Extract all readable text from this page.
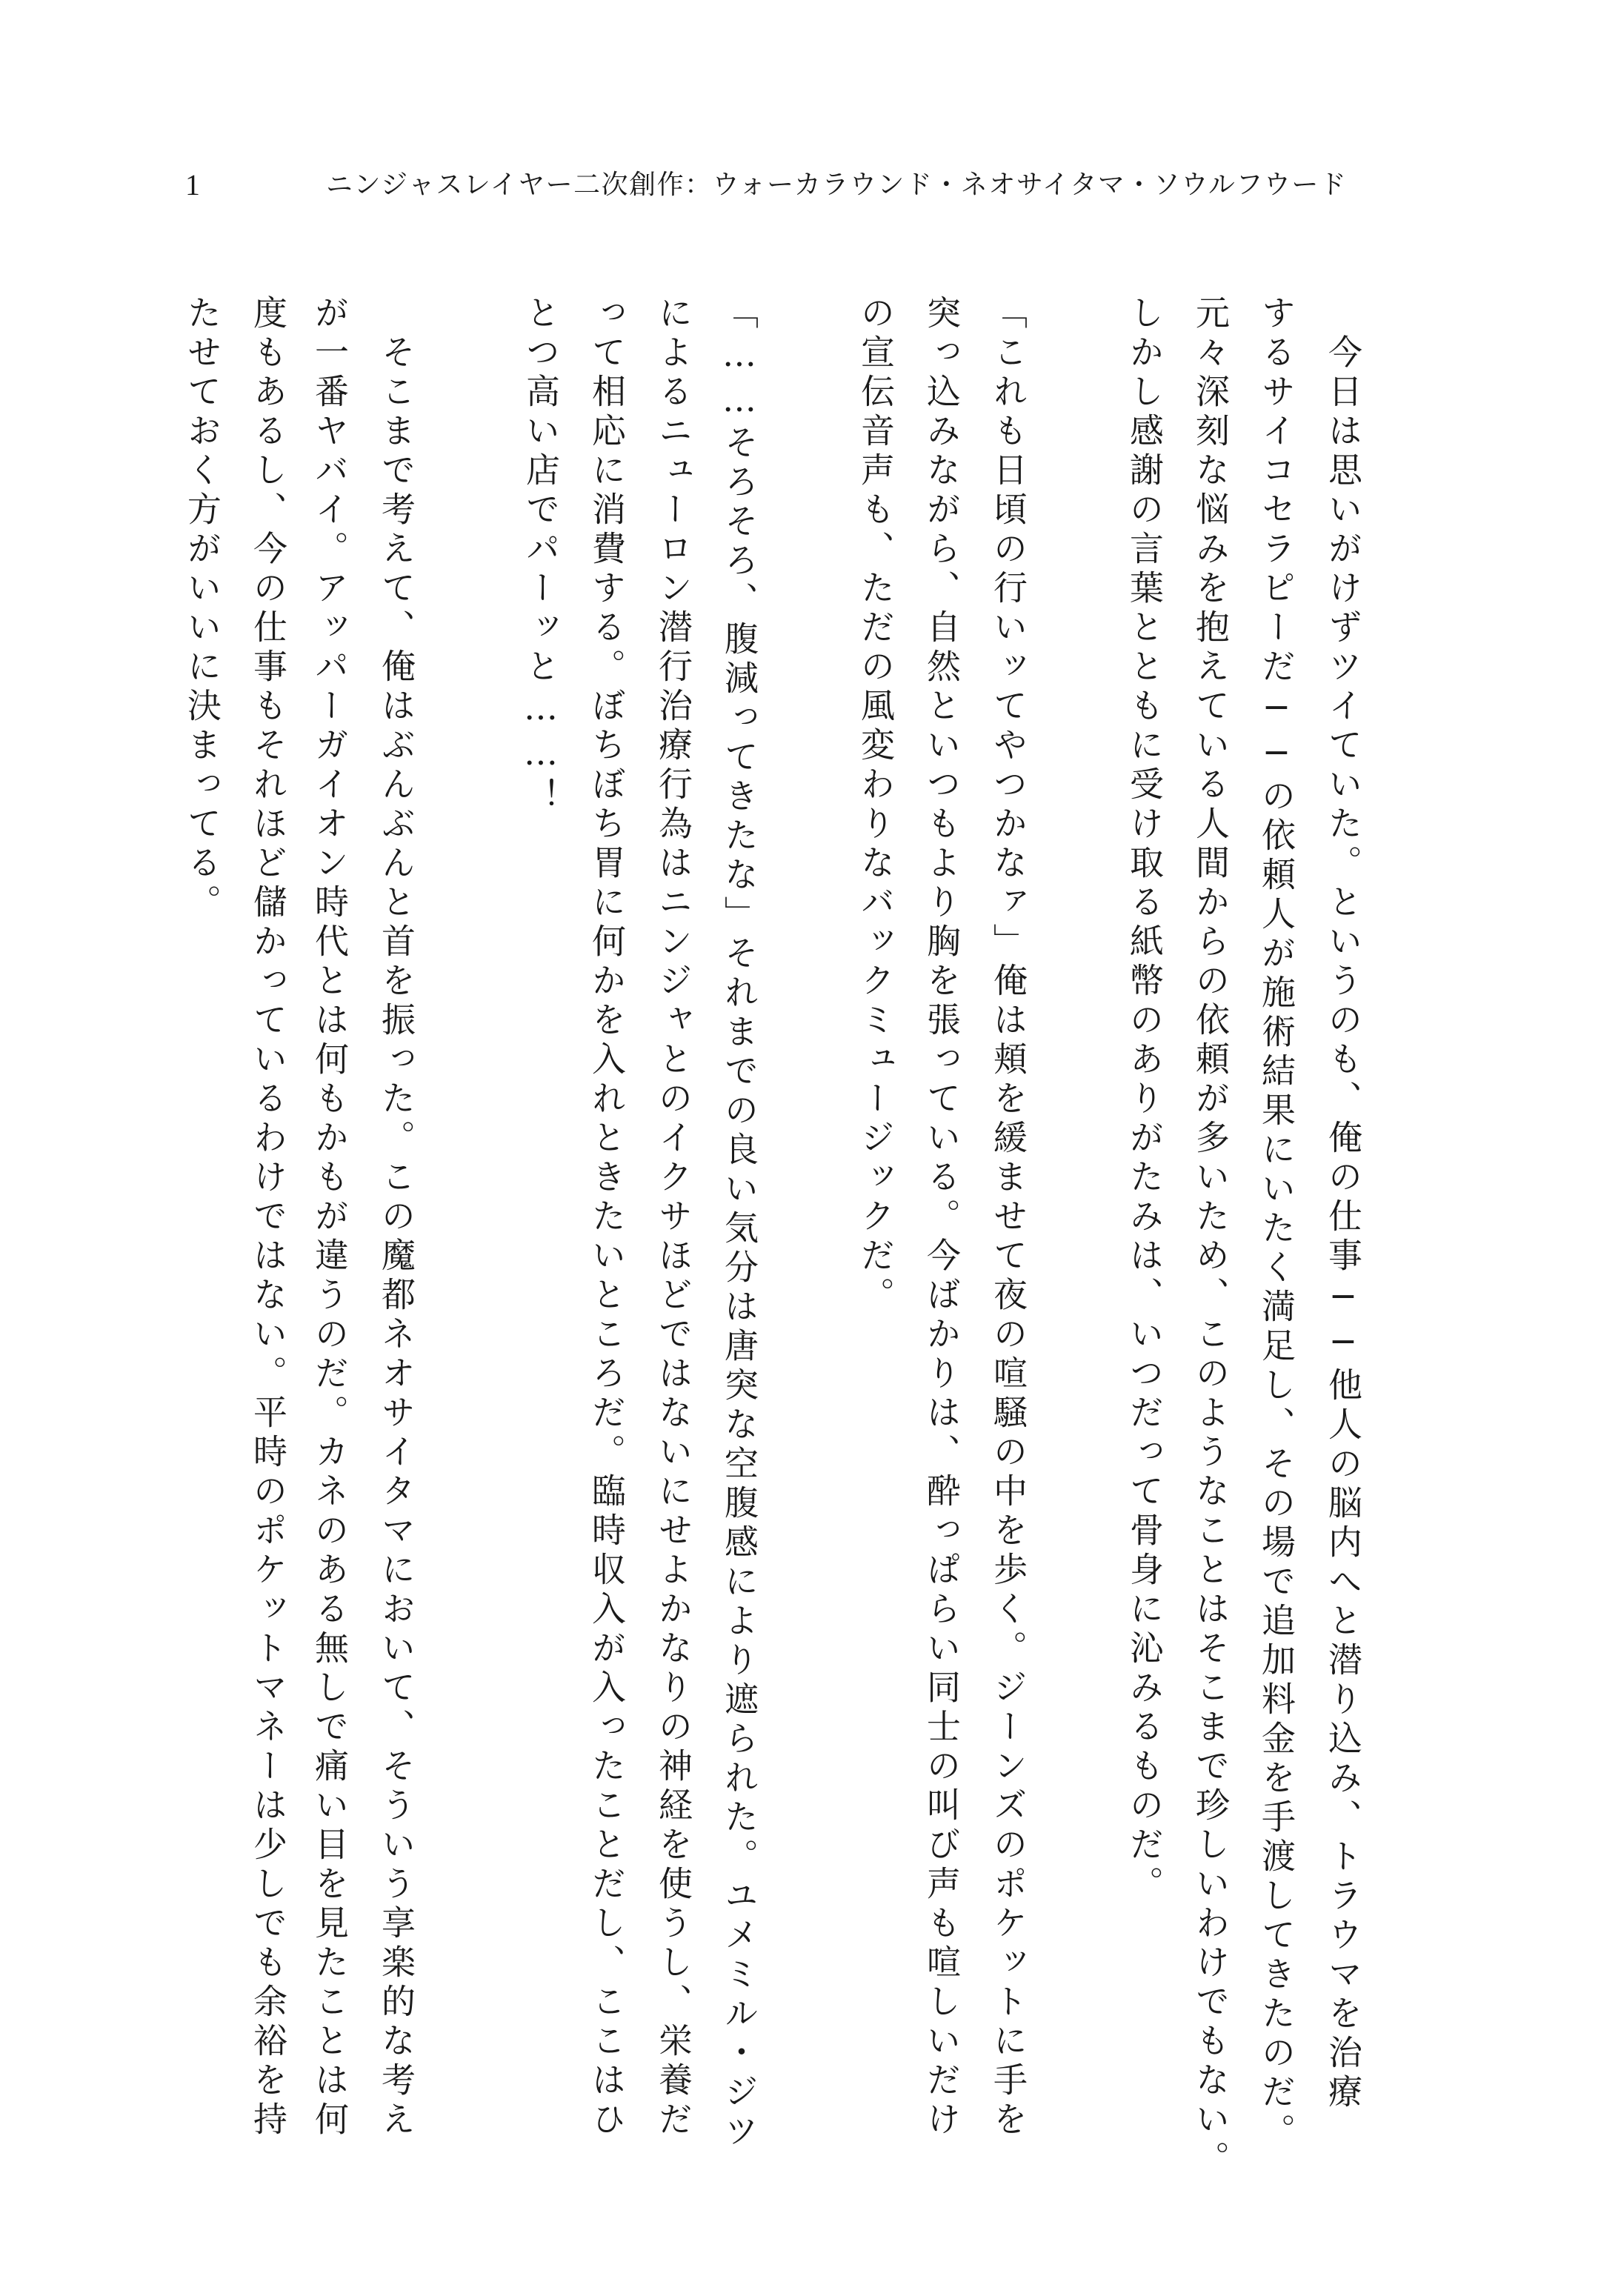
1	ニンジャスレイヤー二次創作：ウォーカラウンド・ネオサイタマ・ソウルフウード
　今日は思いがけずツイていた。というのも、俺の仕事──他人の脳内へと潜り込み、トラウマを治療
するサイコセラピーだ──の依頼人が施術結果にいたく満足し、その場で追加料金を手渡してきたのだ。
元々深刻な悩みを抱えている人間からの依頼が多いため、このようなことはそこまで珍しいわけでもない。
しかし感謝の言葉とともに受け取る紙幣のありがたみは、いつだって骨身に沁みるものだ。
「これも日頃の行いッてやつかなァ」俺は頬を緩ませて夜の喧騒の中を歩く。ジーンズのポケットに手を
突っ込みながら、自然といつもより胸を張っている。今ばかりは、酔っぱらい同士の叫び声も喧しいだけ
の宣伝音声も、ただの風変わりなバックミュージックだ。
「……そろそろ、腹減ってきたな」それまでの良い気分は唐突な空腹感により遮られた。ユメミル・ジツ
によるニューロン潜行治療行為はニンジャとのイクサほどではないにせよかなりの神経を使うし、栄養だ
って相応に消費する。ぼちぼち胃に何かを入れときたいところだ。臨時収入が入ったことだし、ここはひ
とつ高い店でパーッと……！
　そこまで考えて、俺はぶんぶんと首を振った。この魔都ネオサイタマにおいて、そういう享楽的な考え
が一番ヤバイ。アッパーガイオン時代とは何もかもが違うのだ。カネのある無しで痛い目を見たことは何
度もあるし、今の仕事もそれほど儲かっているわけではない。平時のポケットマネーは少しでも余裕を持
たせておく方がいいに決まってる。
